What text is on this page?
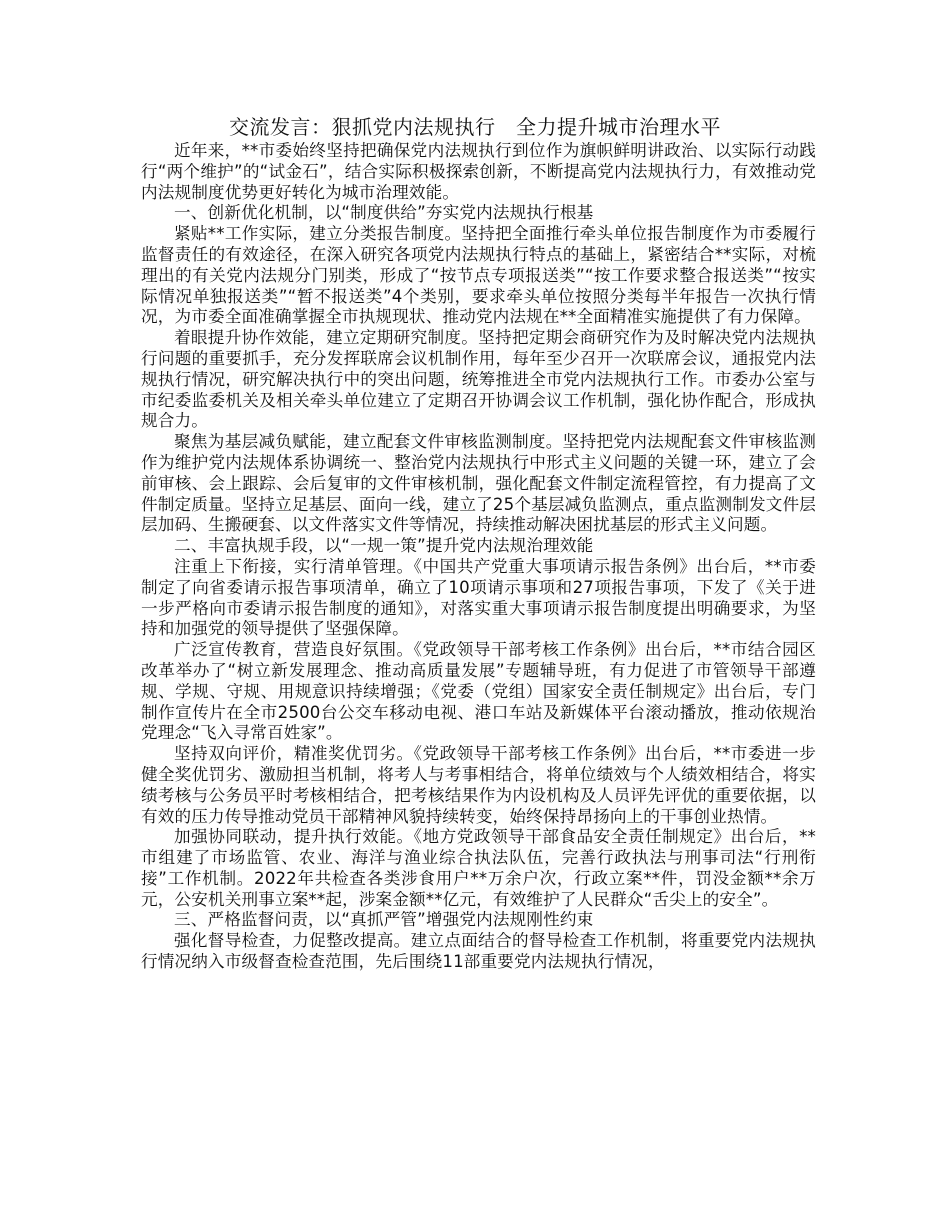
交流发言：狠抓党内法规执行　全力提升城市治理水平

近年来，**市委始终坚持把确保党内法规执行到位作为旗帜鲜明讲政治、以实际行动践行“两个维护”的“试金石”，结合实际积极探索创新，不断提高党内法规执行力，有效推动党内法规制度优势更好转化为城市治理效能。

一、创新优化机制，以“制度供给”夯实党内法规执行根基

紧贴**工作实际，建立分类报告制度。坚持把全面推行牵头单位报告制度作为市委履行监督责任的有效途径，在深入研究各项党内法规执行特点的基础上，紧密结合**实际，对梳理出的有关党内法规分门别类，形成了“按节点专项报送类”“按工作要求整合报送类”“按实际情况单独报送类”“暂不报送类”4个类别，要求牵头单位按照分类每半年报告一次执行情况，为市委全面准确掌握全市执规现状、推动党内法规在**全面精准实施提供了有力保障。

着眼提升协作效能，建立定期研究制度。坚持把定期会商研究作为及时解决党内法规执行问题的重要抓手，充分发挥联席会议机制作用，每年至少召开一次联席会议，通报党内法规执行情况，研究解决执行中的突出问题，统筹推进全市党内法规执行工作。市委办公室与市纪委监委机关及相关牵头单位建立了定期召开协调会议工作机制，强化协作配合，形成执规合力。

聚焦为基层减负赋能，建立配套文件审核监测制度。坚持把党内法规配套文件审核监测作为维护党内法规体系协调统一、整治党内法规执行中形式主义问题的关键一环，建立了会前审核、会上跟踪、会后复审的文件审核机制，强化配套文件制定流程管控，有力提高了文件制定质量。坚持立足基层、面向一线，建立了25个基层减负监测点，重点监测制发文件层层加码、生搬硬套、以文件落实文件等情况，持续推动解决困扰基层的形式主义问题。

二、丰富执规手段，以“一规一策”提升党内法规治理效能

注重上下衔接，实行清单管理。《中国共产党重大事项请示报告条例》出台后，**市委制定了向省委请示报告事项清单，确立了10项请示事项和27项报告事项，下发了《关于进一步严格向市委请示报告制度的通知》，对落实重大事项请示报告制度提出明确要求，为坚持和加强党的领导提供了坚强保障。

广泛宣传教育，营造良好氛围。《党政领导干部考核工作条例》出台后，**市结合园区改革举办了“树立新发展理念、推动高质量发展”专题辅导班，有力促进了市管领导干部遵规、学规、守规、用规意识持续增强；《党委（党组）国家安全责任制规定》出台后，专门制作宣传片在全市2500台公交车移动电视、港口车站及新媒体平台滚动播放，推动依规治党理念“飞入寻常百姓家”。

坚持双向评价，精准奖优罚劣。《党政领导干部考核工作条例》出台后，**市委进一步健全奖优罚劣、激励担当机制，将考人与考事相结合，将单位绩效与个人绩效相结合，将实绩考核与公务员平时考核相结合，把考核结果作为内设机构及人员评先评优的重要依据，以有效的压力传导推动党员干部精神风貌持续转变，始终保持昂扬向上的干事创业热情。

加强协同联动，提升执行效能。《地方党政领导干部食品安全责任制规定》出台后，**市组建了市场监管、农业、海洋与渔业综合执法队伍，完善行政执法与刑事司法“行刑衔接”工作机制。2022年共检查各类涉食用户**万余户次，行政立案**件，罚没金额**余万元，公安机关刑事立案**起，涉案金额**亿元，有效维护了人民群众“舌尖上的安全”。

三、严格监督问责，以“真抓严管”增强党内法规刚性约束

强化督导检查，力促整改提高。建立点面结合的督导检查工作机制，将重要党内法规执行情况纳入市级督查检查范围，先后围绕11部重要党内法规执行情况，
